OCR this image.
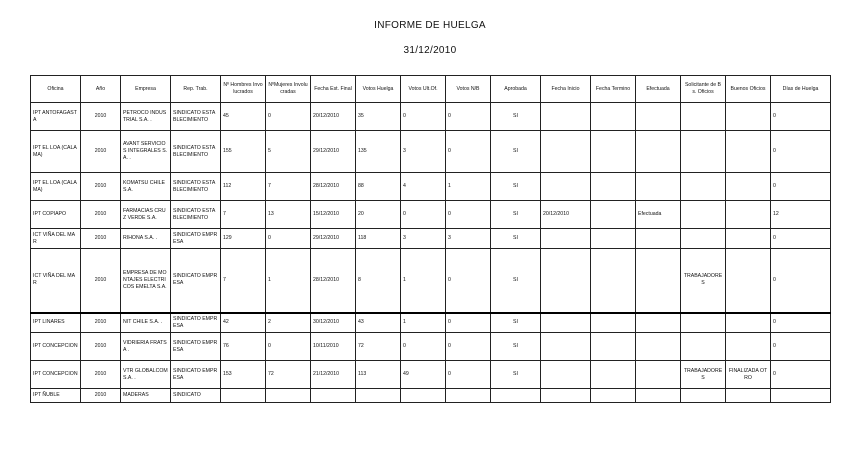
INFORME DE HUELGA
31/12/2010
Oficina	Año	Empresa	Rep. Trab.	Nº Hombres Involucrados	NºMujeres Involucradas	Fecha Est. Final	Votos Huelga	Votos Ult.Of.	Votos N/B	Aprobada	Fecha Inicio	Fecha Termino	Efectuada	Solicitante de Bs. Oficios	Buenos Oficios	Días de Huelga
IPT ANTOFAGASTA	2010	PETROCO INDUSTRIAL S.A. .	SINDICATO ESTABLECIMIENTO	45	0	20/12/2010	35	0	0	SI						0
IPT EL LOA (CALAMA)	2010	AVANT SERVICIOS INTEGRALES S.A. .	SINDICATO ESTABLECIMIENTO	155	5	29/12/2010	135	3	0	SI						0
IPT EL LOA (CALAMA)	2010	KOMATSU CHILE S.A.	SINDICATO ESTABLECIMIENTO	112	7	28/12/2010	88	4	1	SI						0
IPT COPIAPO	2010	FARMACIAS CRUZ VERDE S.A.	SINDICATO ESTABLECIMIENTO	7	13	15/12/2010	20	0	0	SI	20/12/2010		Efectuada			12
ICT VIÑA DEL MAR	2010	RIHONA S.A. .	SINDICATO EMPRESA	129	0	29/12/2010	118	3	3	SI						0
ICT VIÑA DEL MAR	2010	EMPRESA DE MONTAJES ELECTRICOS EMELTA S.A.	SINDICATO EMPRESA	7	1	28/12/2010	8	1	0	SI				TRABAJADORES		0
IPT LINARES	2010	NIT CHILE S.A. .	SINDICATO EMPRESA	42	2	30/12/2010	43	1	0	SI						0
IPT CONCEPCION	2010	VIDRIERIA FRATSA .	SINDICATO EMPRESA	76	0	10/11/2010	72	0	0	SI						0
IPT CONCEPCION	2010	VTR GLOBALCOM S.A. .	SINDICATO EMPRESA	153	72	21/12/2010	113	49	0	SI				TRABAJADORES	FINALIZADA OTRO	0
IPT ÑUBLE	2010	MADERAS	SINDICATO													
